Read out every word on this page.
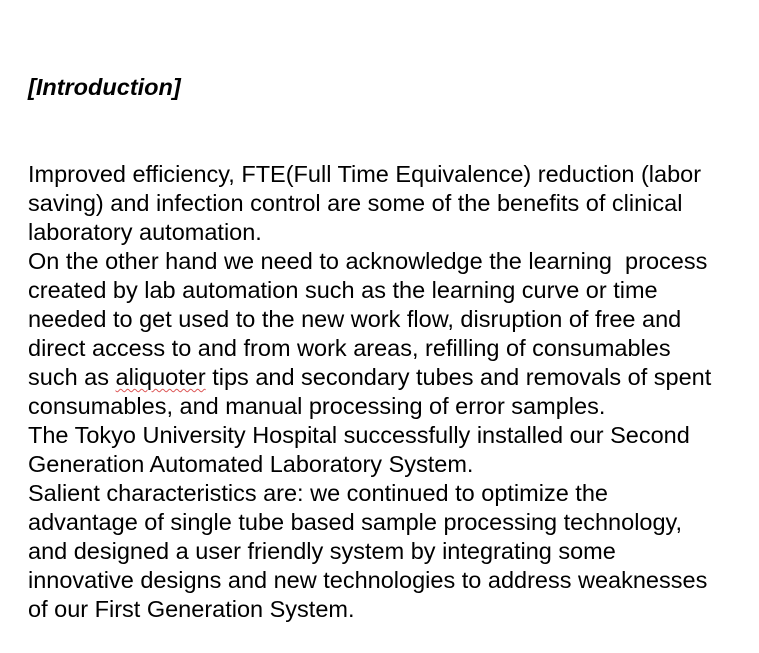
[Introduction]

Improved efficiency, FTE(Full Time Equivalence) reduction (labor
saving) and infection control are some of the benefits of clinical
laboratory automation.
On the other hand we need to acknowledge the learning  process
created by lab automation such as the learning curve or time
needed to get used to the new work flow, disruption of free and
direct access to and from work areas, refilling of consumables
such as aliquoter tips and secondary tubes and removals of spent
consumables, and manual processing of error samples.
The Tokyo University Hospital successfully installed our Second
Generation Automated Laboratory System.
Salient characteristics are: we continued to optimize the
advantage of single tube based sample processing technology,
and designed a user friendly system by integrating some
innovative designs and new technologies to address weaknesses
of our First Generation System.
